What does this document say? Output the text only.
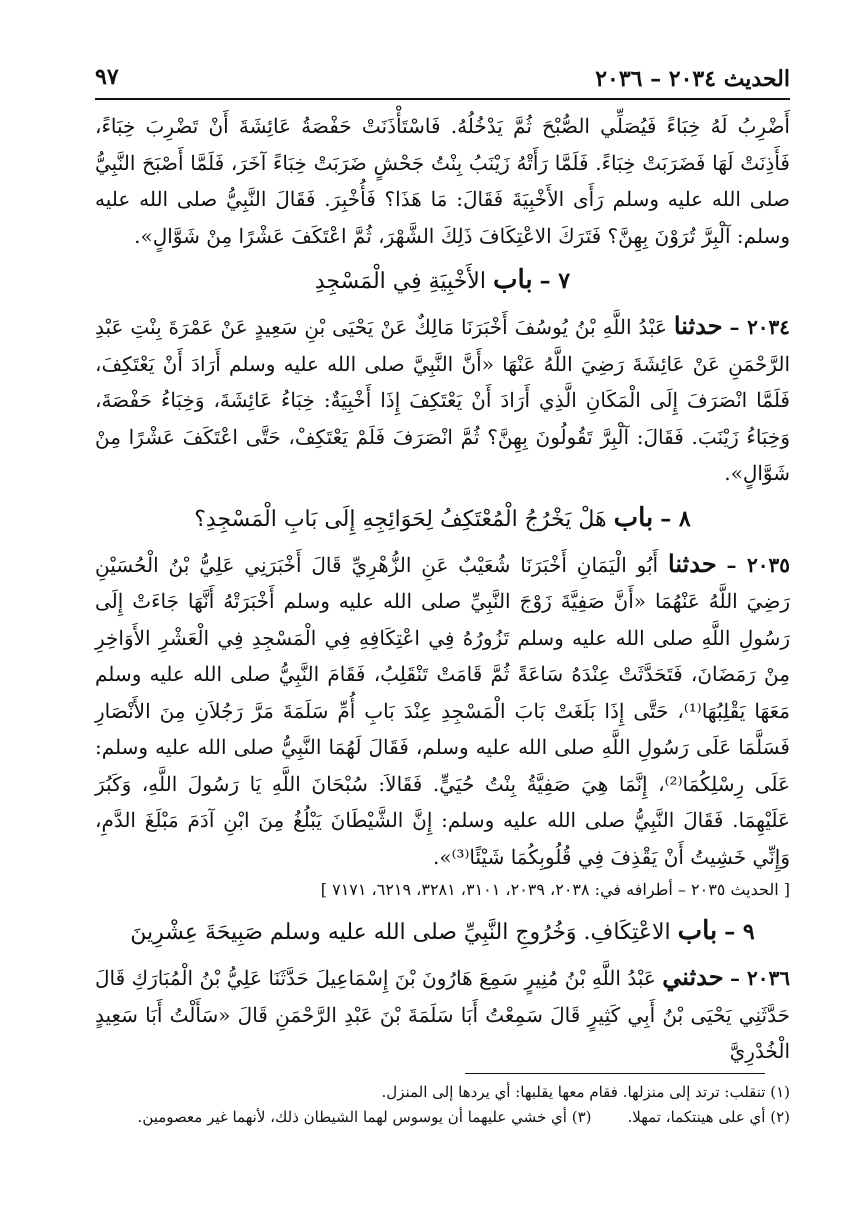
الحديث ٢٠٣٤ – ٢٠٣٦
٩٧

أَضْرِبُ لَهُ خِبَاءً فَيُصَلِّي الصُّبْحَ ثُمَّ يَدْخُلُهُ. فَاسْتَأْذَنَتْ حَفْصَةُ عَائِشَةَ أَنْ تَضْرِبَ خِبَاءً، فَأَذِنَتْ لَهَا فَضَرَبَتْ خِبَاءً. فَلَمَّا رَأَتْهُ زَيْنَبُ بِنْتُ جَحْشٍ ضَرَبَتْ خِبَاءً آخَرَ، فَلَمَّا أَصْبَحَ النَّبِيُّ صلى الله عليه وسلم رَأَى الأَخْبِيَةَ فَقَالَ: مَا هَذَا؟ فَأُخْبِرَ. فَقَالَ النَّبِيُّ صلى الله عليه وسلم: آلْبِرَّ تُرَوْنَ بِهِنَّ؟ فَتَرَكَ الاعْتِكَافَ ذَلِكَ الشَّهْرَ، ثُمَّ اعْتَكَفَ عَشْرًا مِنْ شَوَّالٍ».

٧ – باب الأَخْبِيَةِ فِي الْمَسْجِدِ

٢٠٣٤ – حدثنا عَبْدُ اللَّهِ بْنُ يُوسُفَ أَخْبَرَنَا مَالِكٌ عَنْ يَحْيَى بْنِ سَعِيدٍ عَنْ عَمْرَةَ بِنْتِ عَبْدِ الرَّحْمَنِ عَنْ عَائِشَةَ رَضِيَ اللَّهُ عَنْهَا «أَنَّ النَّبِيَّ صلى الله عليه وسلم أَرَادَ أَنْ يَعْتَكِفَ، فَلَمَّا انْصَرَفَ إِلَى الْمَكَانِ الَّذِي أَرَادَ أَنْ يَعْتَكِفَ إِذَا أَخْبِيَةٌ: خِبَاءُ عَائِشَةَ، وَخِبَاءُ حَفْصَةَ، وَخِبَاءُ زَيْنَبَ. فَقَالَ: آلْبِرَّ تَقُولُونَ بِهِنَّ؟ ثُمَّ انْصَرَفَ فَلَمْ يَعْتَكِفْ، حَتَّى اعْتَكَفَ عَشْرًا مِنْ شَوَّالٍ».

٨ – باب هَلْ يَخْرُجُ الْمُعْتَكِفُ لِحَوَائِجِهِ إِلَى بَابِ الْمَسْجِدِ؟

٢٠٣٥ – حدثنا أَبُو الْيَمَانِ أَخْبَرَنَا شُعَيْبٌ عَنِ الزُّهْرِيِّ قَالَ أَخْبَرَنِي عَلِيُّ بْنُ الْحُسَيْنِ رَضِيَ اللَّهُ عَنْهُمَا «أَنَّ صَفِيَّةَ زَوْجَ النَّبِيِّ صلى الله عليه وسلم أَخْبَرَتْهُ أَنَّهَا جَاءَتْ إِلَى رَسُولِ اللَّهِ صلى الله عليه وسلم تَزُورُهُ فِي اعْتِكَافِهِ فِي الْمَسْجِدِ فِي الْعَشْرِ الأَوَاخِرِ مِنْ رَمَضَانَ، فَتَحَدَّثَتْ عِنْدَهُ سَاعَةً ثُمَّ قَامَتْ تَنْقَلِبُ، فَقَامَ النَّبِيُّ صلى الله عليه وسلم مَعَهَا يَقْلِبُهَا⁽¹⁾، حَتَّى إِذَا بَلَغَتْ بَابَ الْمَسْجِدِ عِنْدَ بَابِ أُمِّ سَلَمَةَ مَرَّ رَجُلاَنِ مِنَ الأَنْصَارِ فَسَلَّمَا عَلَى رَسُولِ اللَّهِ صلى الله عليه وسلم، فَقَالَ لَهُمَا النَّبِيُّ صلى الله عليه وسلم: عَلَى رِسْلِكُمَا⁽²⁾، إِنَّمَا هِيَ صَفِيَّةُ بِنْتُ حُيَيٍّ. فَقَالاَ: سُبْحَانَ اللَّهِ يَا رَسُولَ اللَّهِ، وَكَبُرَ عَلَيْهِمَا. فَقَالَ النَّبِيُّ صلى الله عليه وسلم: إِنَّ الشَّيْطَانَ يَبْلُغُ مِنَ ابْنِ آدَمَ مَبْلَغَ الدَّمِ، وَإِنِّي خَشِيتُ أَنْ يَقْذِفَ فِي قُلُوبِكُمَا شَيْئًا⁽³⁾».

[ الحديث ٢٠٣٥ – أطرافه في: ٢٠٣٨، ٢٠٣٩، ٣١٠١، ٣٢٨١، ٦٢١٩، ٧١٧١ ]

٩ – باب الاعْتِكَافِ. وَخُرُوجِ النَّبِيِّ صلى الله عليه وسلم صَبِيحَةَ عِشْرِينَ

٢٠٣٦ – حدثني عَبْدُ اللَّهِ بْنُ مُنِيرٍ سَمِعَ هَارُونَ بْنَ إِسْمَاعِيلَ حَدَّثَنَا عَلِيُّ بْنُ الْمُبَارَكِ قَالَ حَدَّثَنِي يَحْيَى بْنُ أَبِي كَثِيرٍ قَالَ سَمِعْتُ أَبَا سَلَمَةَ بْنَ عَبْدِ الرَّحْمَنِ قَالَ «سَأَلْتُ أَبَا سَعِيدٍ الْخُدْرِيَّ

(١) تنقلب: ترتد إلى منزلها. فقام معها يقلبها: أي يردها إلى المنزل.

(٢) أي على هينتكما، تمهلا.(٣) أي خشي عليهما أن يوسوس لهما الشيطان ذلك، لأنهما غير معصومين.
